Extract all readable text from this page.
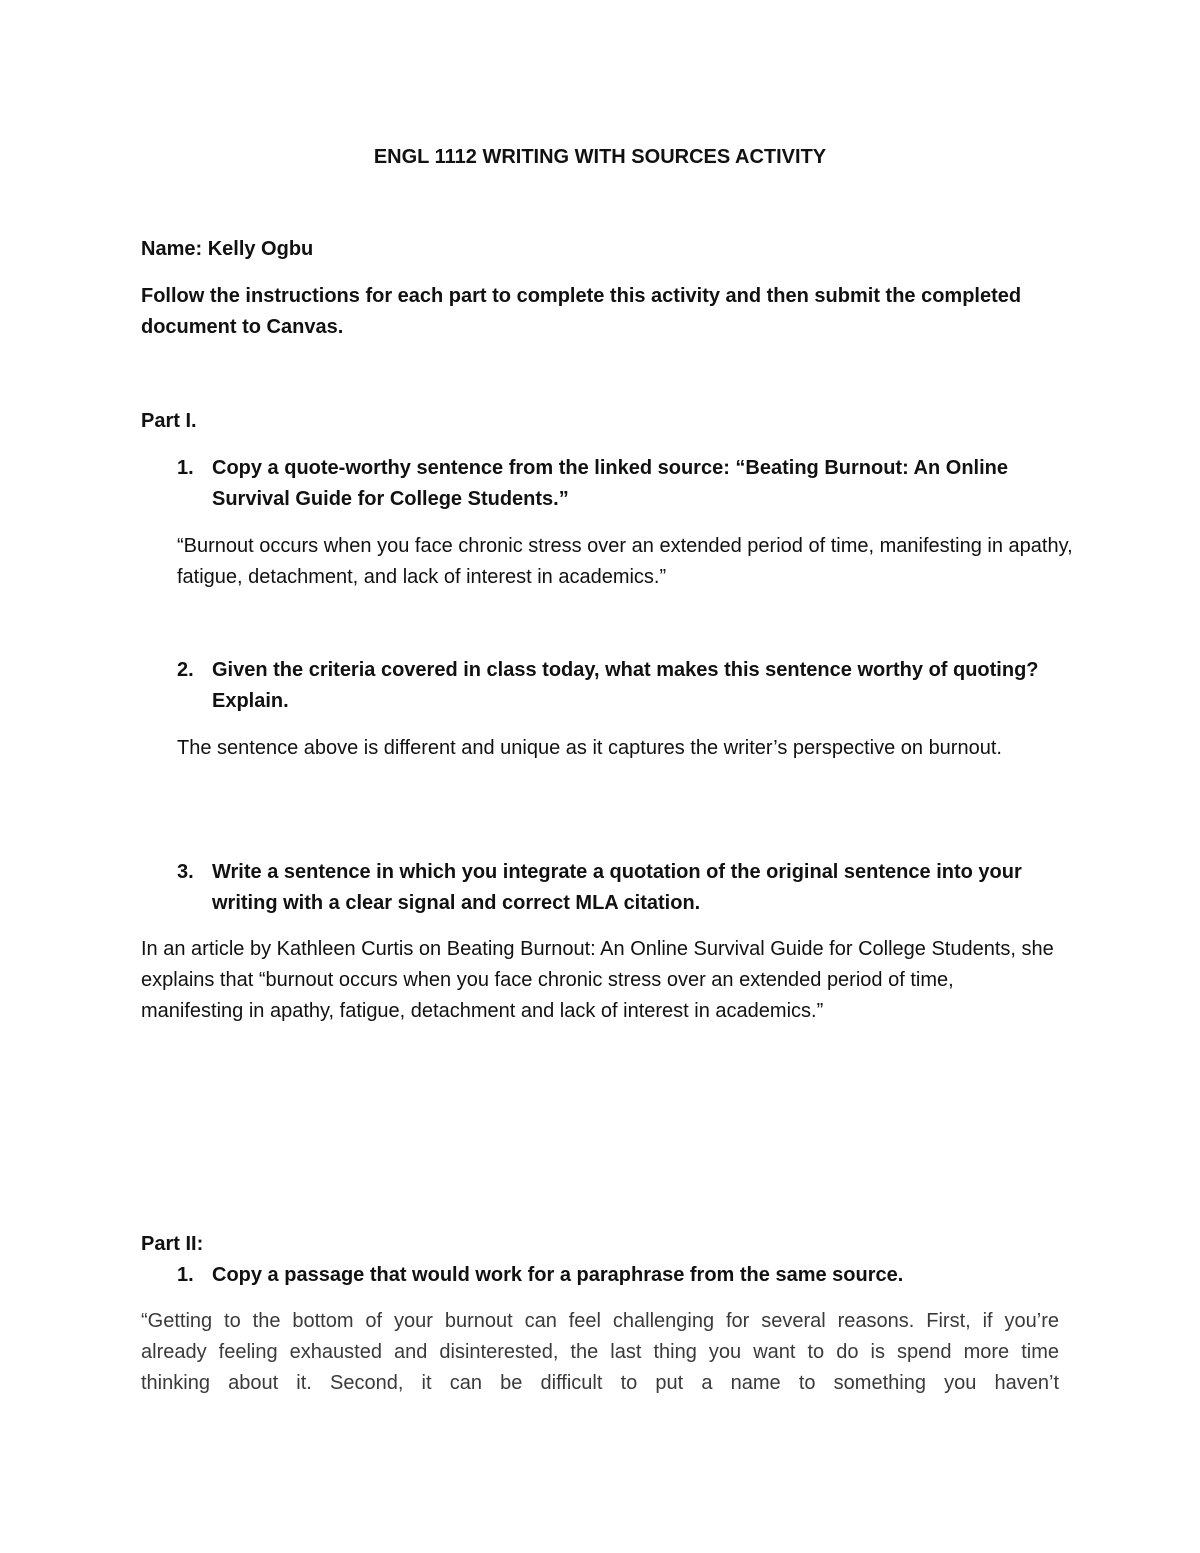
ENGL 1112 WRITING WITH SOURCES ACTIVITY

Name: Kelly Ogbu

Follow the instructions for each part to complete this activity and then submit the completed document to Canvas.

Part I.

1. Copy a quote-worthy sentence from the linked source: “Beating Burnout: An Online Survival Guide for College Students.”

“Burnout occurs when you face chronic stress over an extended period of time, manifesting in apathy, fatigue, detachment, and lack of interest in academics.”

2. Given the criteria covered in class today, what makes this sentence worthy of quoting? Explain.

The sentence above is different and unique as it captures the writer’s perspective on burnout.

3. Write a sentence in which you integrate a quotation of the original sentence into your writing with a clear signal and correct MLA citation.

In an article by Kathleen Curtis on Beating Burnout: An Online Survival Guide for College Students, she explains that “burnout occurs when you face chronic stress over an extended period of time, manifesting in apathy, fatigue, detachment and lack of interest in academics.”

Part II:

1. Copy a passage that would work for a paraphrase from the same source.
“Getting to the bottom of your burnout can feel challenging for several reasons. First, if you’re
already feeling exhausted and disinterested, the last thing you want to do is spend more time
thinking about it. Second, it can be difficult to put a name to something you haven’t
